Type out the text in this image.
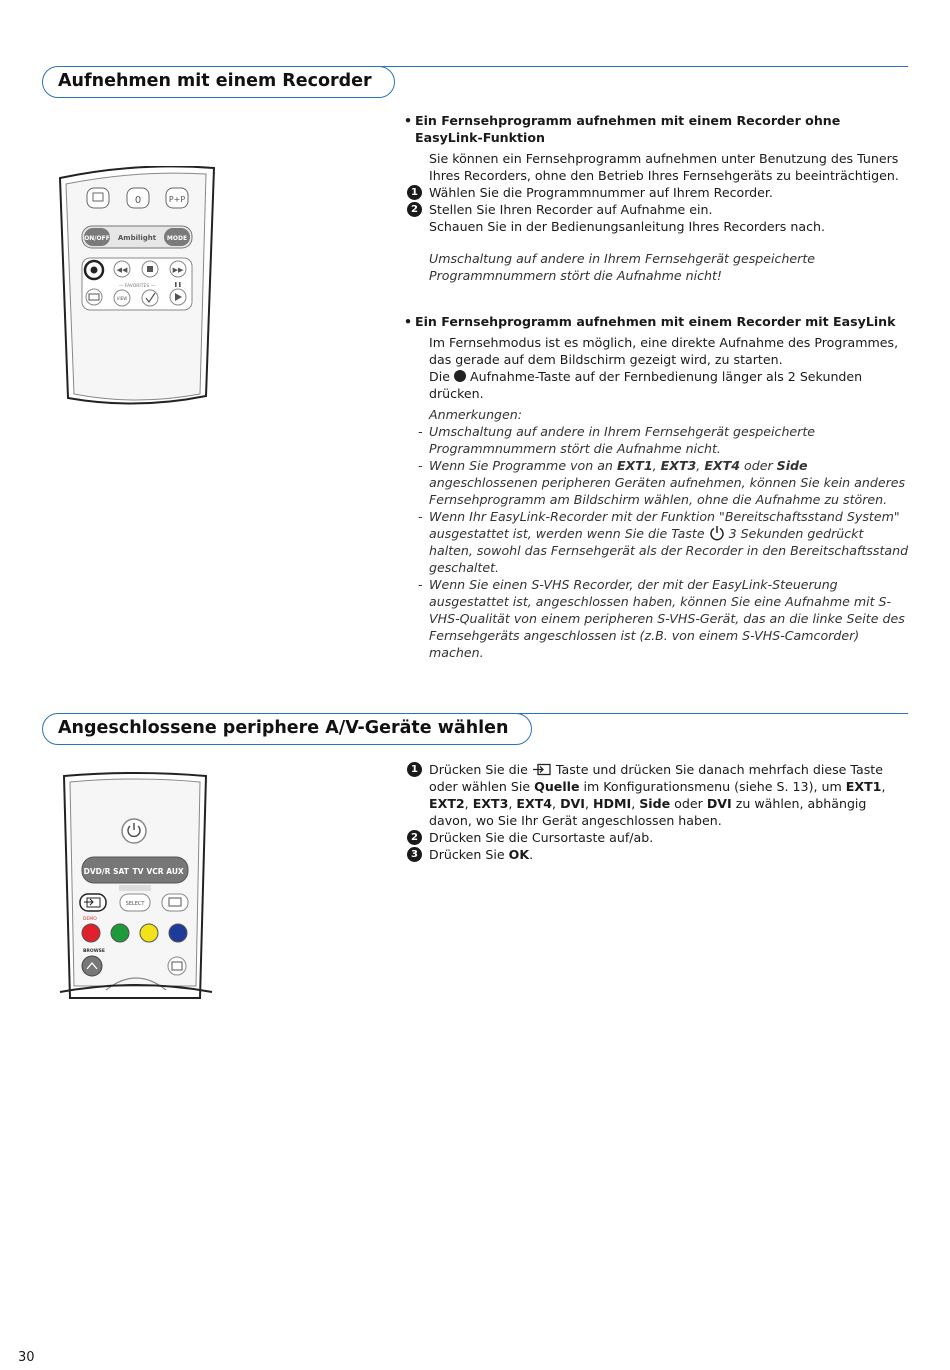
Aufnehmen mit einem Recorder
0	P+P
ON/OFF Ambilight MODE
◀◀	▶▶
— FAVORITES —
VIEW

• Ein Fernsehprogramm aufnehmen mit einem Recorder ohne EasyLink-Funktion

Sie können ein Fernsehprogramm aufnehmen unter Benutzung des Tuners Ihres Recorders, ohne den Betrieb Ihres Fernsehgeräts zu beeinträchtigen.

1 Wählen Sie die Programmnummer auf Ihrem Recorder.

2 Stellen Sie Ihren Recorder auf Aufnahme ein.
Schauen Sie in der Bedienungsanleitung Ihres Recorders nach.

Umschaltung auf andere in Ihrem Fernsehgerät gespeicherte Programmnummern stört die Aufnahme nicht!

• Ein Fernsehprogramm aufnehmen mit einem Recorder mit EasyLink

Im Fernsehmodus ist es möglich, eine direkte Aufnahme des Programmes, das gerade auf dem Bildschirm gezeigt wird, zu starten.

Die Aufnahme-Taste auf der Fernbedienung länger als 2 Sekunden drücken.

Anmerkungen:

- Umschaltung auf andere in Ihrem Fernsehgerät gespeicherte Programmnummern stört die Aufnahme nicht.
- Wenn Sie Programme von an EXT1, EXT3, EXT4 oder Side angeschlossenen peripheren Geräten aufnehmen, können Sie kein anderes Fernsehprogramm am Bildschirm wählen, ohne die Aufnahme zu stören.
- Wenn Ihr EasyLink-Recorder mit der Funktion "Bereitschaftsstand System" ausgestattet ist, werden wenn Sie die Taste 3 Sekunden gedrückt halten, sowohl das Fernsehgerät als der Recorder in den Bereitschaftsstand geschaltet.
- Wenn Sie einen S-VHS Recorder, der mit der EasyLink-Steuerung ausgestattet ist, angeschlossen haben, können Sie eine Aufnahme mit S-VHS-Qualität von einem peripheren S-VHS-Gerät, das an die linke Seite des Fernsehgeräts angeschlossen ist (z.B. von einem S-VHS-Camcorder) machen.
Angeschlossene periphere A/V-Geräte wählen
DVD/R SAT TV VCR AUX
SELECT
DEMO
BROWSE

1 Drücken Sie die Taste und drücken Sie danach mehrfach diese Taste oder wählen Sie Quelle im Konfigurationsmenu (siehe S. 13), um EXT1, EXT2, EXT3, EXT4, DVI, HDMI, Side oder DVI zu wählen, abhängig davon, wo Sie Ihr Gerät angeschlossen haben.

2 Drücken Sie die Cursortaste auf/ab.

3 Drücken Sie OK.

30
